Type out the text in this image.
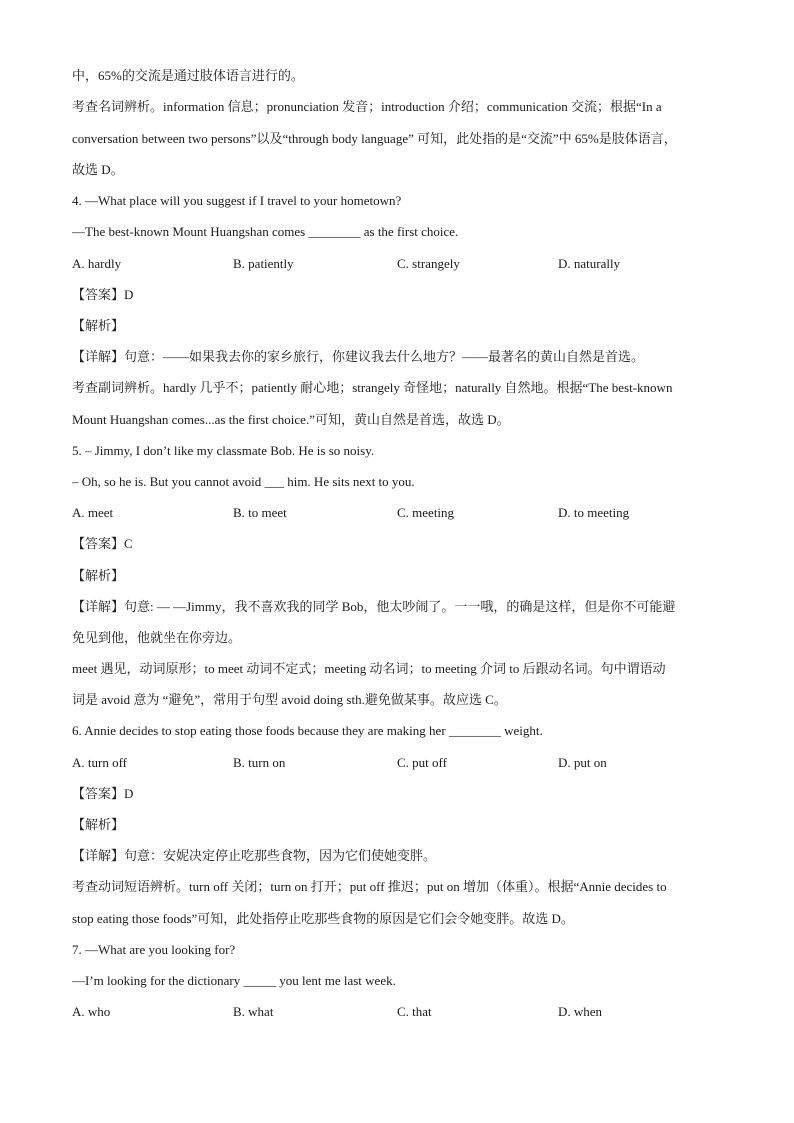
中，65%的交流是通过肢体语言进行的。
考查名词辨析。information 信息；pronunciation 发音；introduction 介绍；communication 交流；根据“In a
conversation between two persons”以及“through body language” 可知，此处指的是“交流”中 65%是肢体语言，
故选 D。
4. —What place will you suggest if I travel to your hometown?
—The best-known Mount Huangshan comes ________ as the first choice.
A. hardly	B. patiently	C. strangely	D. naturally
【答案】D
【解析】
【详解】句意：——如果我去你的家乡旅行，你建议我去什么地方？——最著名的黄山自然是首选。
考查副词辨析。hardly 几乎不；patiently 耐心地；strangely 奇怪地；naturally 自然地。根据“The best-known
Mount Huangshan comes...as the first choice.”可知，黄山自然是首选，故选 D。
5. – Jimmy, I don’t like my classmate Bob. He is so noisy.
– Oh, so he is. But you cannot avoid ___ him. He sits next to you.
A. meet	B. to meet	C. meeting	D. to meeting
【答案】C
【解析】
【详解】句意: — —Jimmy，我不喜欢我的同学 Bob，他太吵闹了。一一哦，的确是这样，但是你不可能避
免见到他，他就坐在你旁边。
meet 遇见，动词原形；to meet 动词不定式；meeting 动名词；to meeting 介词 to 后跟动名词。句中谓语动
词是 avoid 意为 “避免”，常用于句型 avoid doing sth.避免做某事。故应选 C。
6. Annie decides to stop eating those foods because they are making her ________ weight.
A. turn off	B. turn on	C. put off	D. put on
【答案】D
【解析】
【详解】句意：安妮决定停止吃那些食物，因为它们使她变胖。
考查动词短语辨析。turn off 关闭；turn on 打开；put off 推迟；put on 增加（体重）。根据“Annie decides to
stop eating those foods”可知，此处指停止吃那些食物的原因是它们会令她变胖。故选 D。
7. —What are you looking for?
—I’m looking for the dictionary _____ you lent me last week.
A. who	B. what	C. that	D. when
